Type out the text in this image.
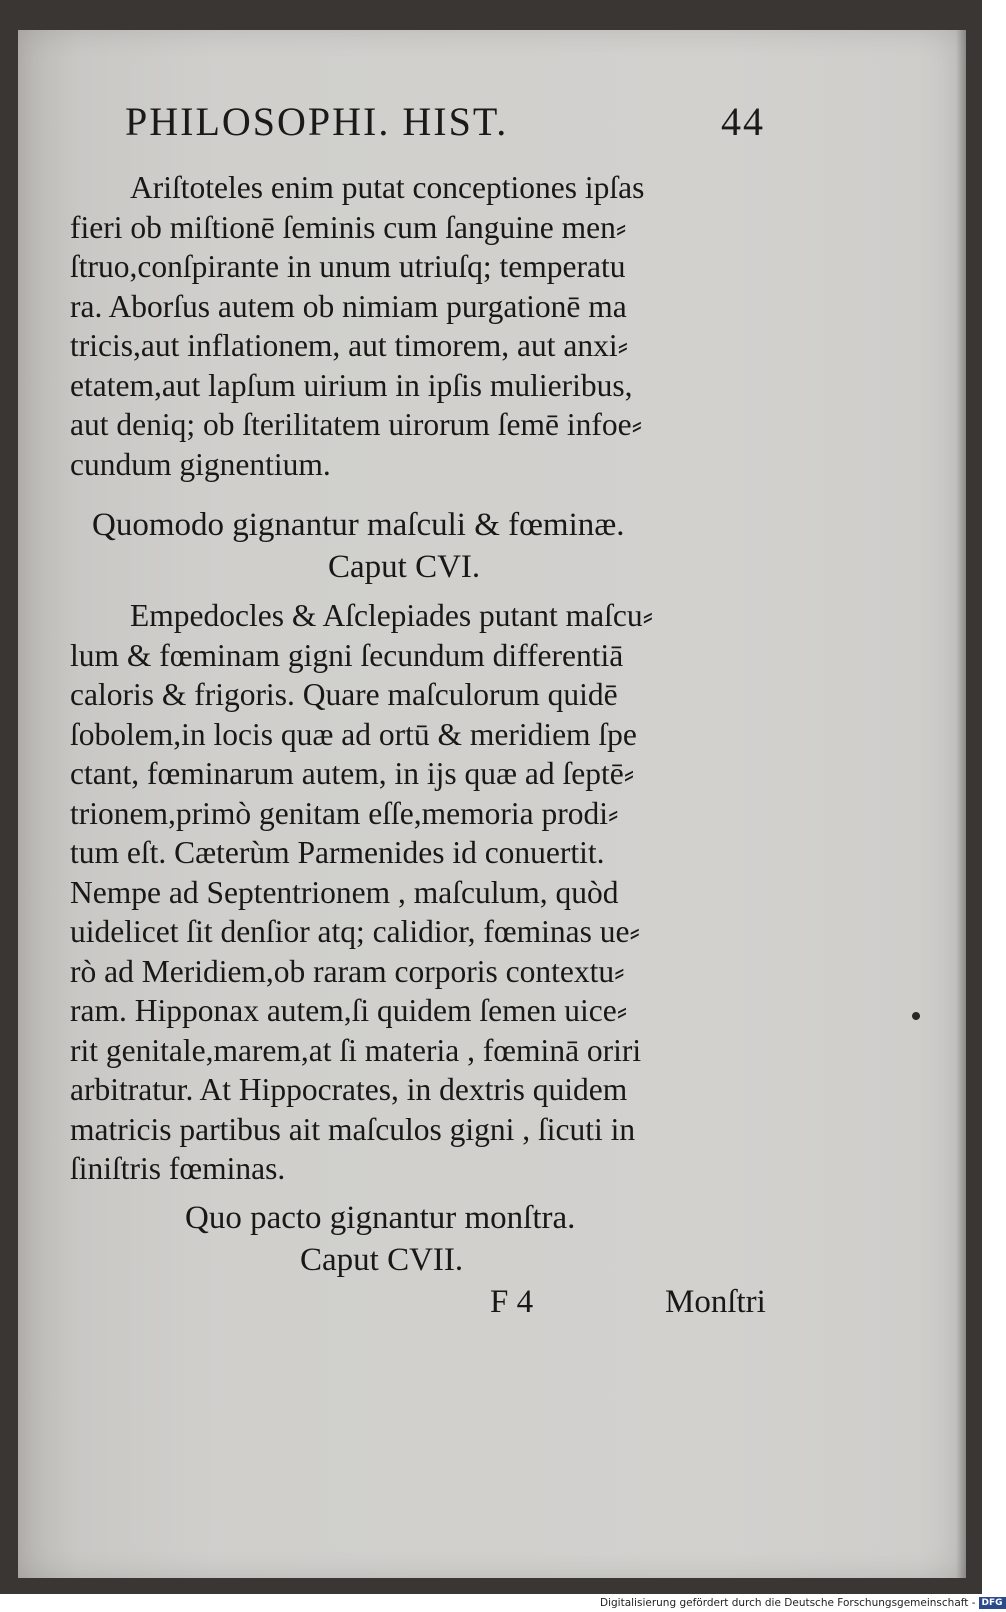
PHILOSOPHI. HIST.	44
Ariſtoteles enim putat conceptiones ipſas
fieri ob miſtionē ſeminis cum ſanguine men⸗
ſtruo,conſpirante in unum utriuſq; temperatu
ra. Aborſus autem ob nimiam purgationē ma
tricis,aut inflationem, aut timorem, aut anxi⸗
etatem,aut lapſum uirium in ipſis mulieribus,
aut deniq; ob ſterilitatem uirorum ſemē infoe⸗
cundum gignentium.
Quomodo gignantur maſculi & fœminæ.
Caput CVI.
Empedocles & Aſclepiades putant maſcu⸗
lum & fœminam gigni ſecundum differentiā
caloris & frigoris. Quare maſculorum quidē
ſobolem,in locis quæ ad ortū & meridiem ſpe
ctant, fœminarum autem, in ijs quæ ad ſeptē⸗
trionem,primò genitam eſſe,memoria prodi⸗
tum eſt. Cæterùm Parmenides id conuertit.
Nempe ad Septentrionem , maſculum, quòd
uidelicet ſit denſior atq; calidior, fœminas ue⸗
rò ad Meridiem,ob raram corporis contextu⸗
ram. Hipponax autem,ſi quidem ſemen uice⸗
rit genitale,marem,at ſi materia , fœminā oriri
arbitratur. At Hippocrates, in dextris quidem
matricis partibus ait maſculos gigni , ſicuti in
ſiniſtris fœminas.
Quo pacto gignantur monſtra.
Caput CVII.
F 4	Monſtri
Digitalisierung gefördert durch die Deutsche Forschungsgemeinschaft - DFG
